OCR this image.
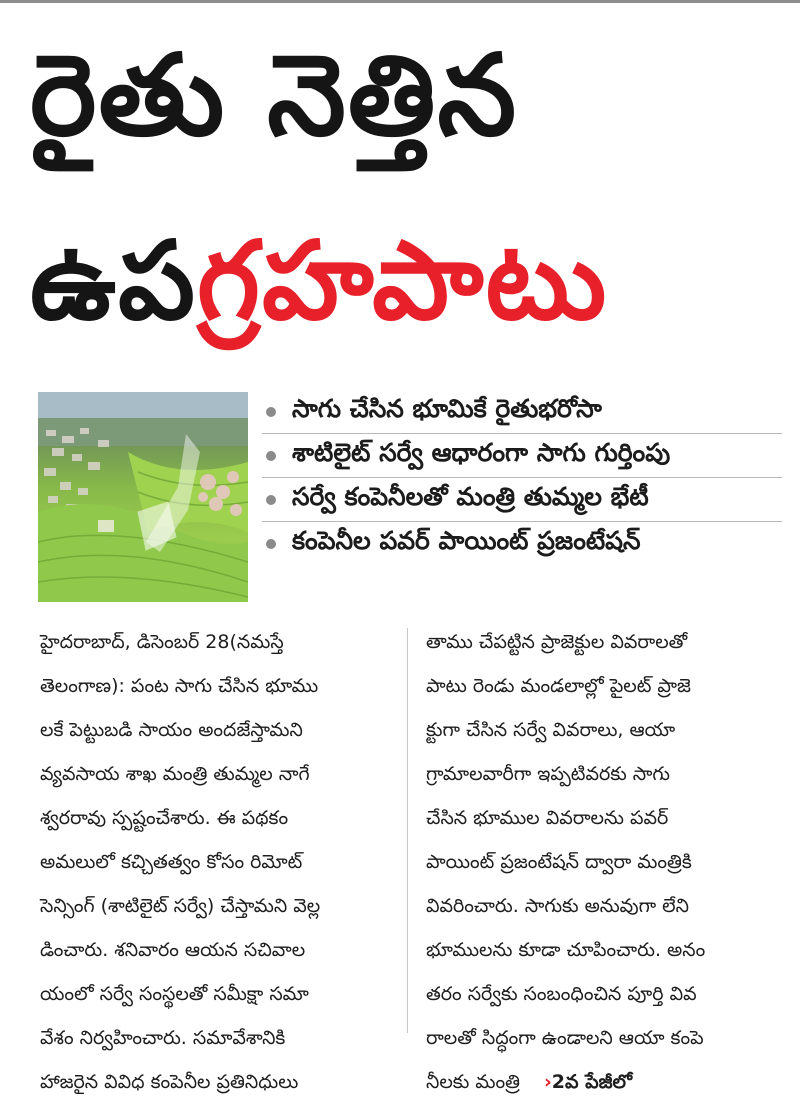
రైతు నెత్తిన
ఉపగ్రహపాటు
సాగు చేసిన భూమికే రైతుభరోసా
శాటిలైట్ సర్వే ఆధారంగా సాగు గుర్తింపు
సర్వే కంపెనీలతో మంత్రి తుమ్మల భేటీ
కంపెనీల పవర్ పాయింట్ ప్రజంటేషన్
హైదరాబాద్, డిసెంబర్ 28(నమస్తే
తెలంగాణ): పంట సాగు చేసిన భూము
లకే పెట్టుబడి సాయం అందజేస్తామని
వ్యవసాయ శాఖ మంత్రి తుమ్మల నాగే
శ్వరరావు స్పష్టంచేశారు. ఈ పథకం
అమలులో కచ్చితత్వం కోసం రిమోట్
సెన్సింగ్ (శాటిలైట్ సర్వే) చేస్తామని వెల్ల
డించారు. శనివారం ఆయన సచివాల
యంలో సర్వే సంస్థలతో సమీక్షా సమా
వేశం నిర్వహించారు. సమావేశానికి
హాజరైన వివిధ కంపెనీల ప్రతినిధులు
తాము చేపట్టిన ప్రాజెక్టుల వివరాలతో
పాటు రెండు మండలాల్లో పైలట్ ప్రాజె
క్టుగా చేసిన సర్వే వివరాలు, ఆయా
గ్రామాలవారీగా ఇప్పటివరకు సాగు
చేసిన భూముల వివరాలను పవర్
పాయింట్ ప్రజంటేషన్ ద్వారా మంత్రికి
వివరించారు. సాగుకు అనువుగా లేని
భూములను కూడా చూపించారు. అనం
తరం సర్వేకు సంబంధించిన పూర్తి వివ
రాలతో సిద్ధంగా ఉండాలని ఆయా కంపె
నీలకు మంత్రి ›2వ పేజీలో
